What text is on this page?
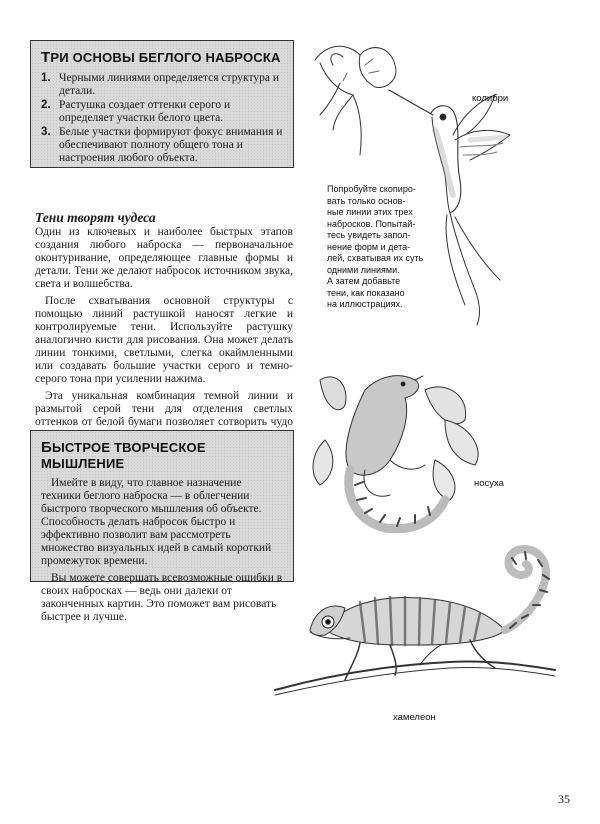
ТРИ ОСНОВЫ БЕГЛОГО НАБРОСКА
1. Черными линиями определяется структура и детали.
2. Растушка создает оттенки серого и определяет участки белого цвета.
3. Белые участки формируют фокус внимания и обеспечивают полноту общего тона и настроения любого объекта.
Тени творят чудеса

Один из ключевых и наиболее быстрых этапов создания любого наброска — первоначальное оконтуривание, определяющее главные формы и детали. Тени же делают набросок источником звука, света и волшебства.

После схватывания основной структуры с помощью линий растушкой наносят легкие и контролируемые тени. Используйте растушку аналогично кисти для рисования. Она может делать линии тонкими, светлыми, слегка окаймленными или создавать большие участки серого и темно-серого тона при усилении нажима.

Эта уникальная комбинация темной линии и размытой серой тени для отделения светлых оттенков от белой бумаги позволяет сотворить чудо

БЫСТРОЕ ТВОРЧЕСКОЕ МЫШЛЕНИЕ

Имейте в виду, что главное назначение техники беглого наброска — в облегчении быстрого творческого мышления об объекте. Способность делать набросок быстро и эффективно позволит вам рассмотреть множество визуальных идей в самый короткий промежуток времени.

Вы можете совершать всевозможные ошибки в своих набросках — ведь они далеки от законченных картин. Это поможет вам рисовать быстрее и лучше.

Попробуйте скопиро-
вать только основ-
ные линии этих трех
набросков. Попытай-
тесь увидеть запол-
нение форм и дета-
лей, схватывая их суть
одними линиями.
А затем добавьте
тени, как показано
на иллюстрациях.
колибри
носуха
хамелеон
35
